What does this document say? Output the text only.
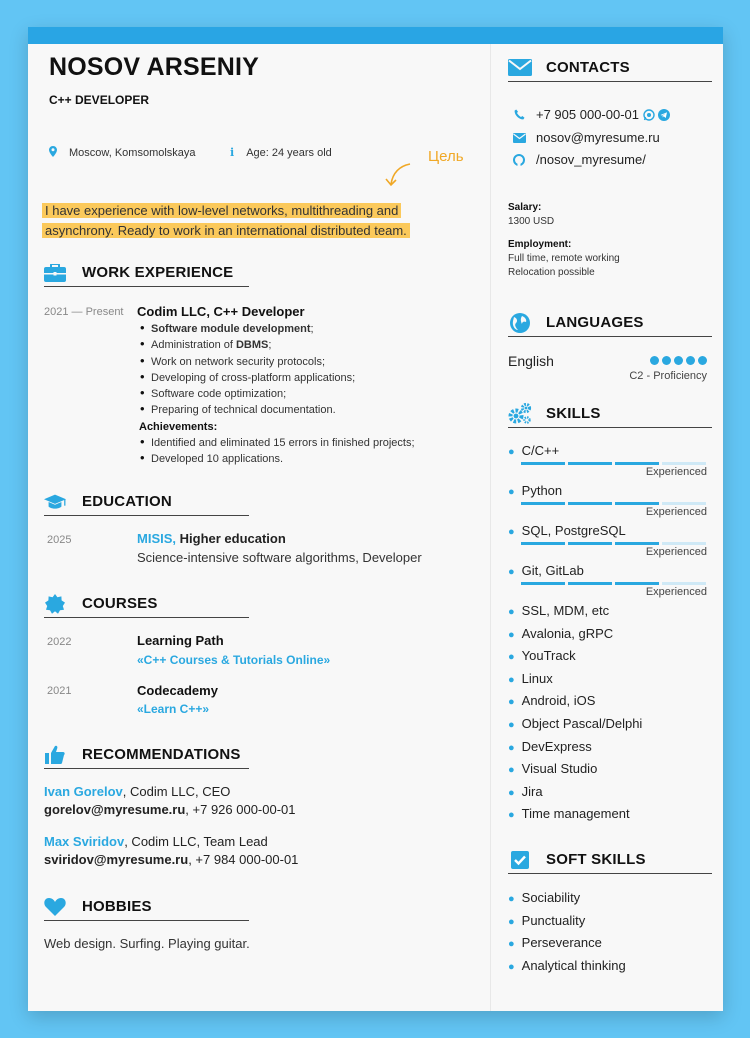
NOSOV ARSENIY
C++ DEVELOPER
Moscow, Komsomolskaya	i Age: 24 years old	Цель
I have experience with low-level networks, multithreading and asynchrony. Ready to work in an international distributed team.
WORK EXPERIENCE
2021 — Present Codim LLC, C++ Developer
• Software module development;
• Administration of DBMS;
• Work on network security protocols;
• Developing of cross-platform applications;
• Software code optimization;
• Preparing of technical documentation.
Achievements:
• Identified and eliminated 15 errors in finished projects;
• Developed 10 applications.
EDUCATION
2025	MISIS, Higher education
Science-intensive software algorithms, Developer
COURSES
2022	Learning Path
«C++ Courses & Tutorials Online»
2021	Codecademy
«Learn C++»
RECOMMENDATIONS
Ivan Gorelov, Codim LLC, CEO
gorelov@myresume.ru, +7 926 000-00-01
Max Sviridov, Codim LLC, Team Lead
sviridov@myresume.ru, +7 984 000-00-01
HOBBIES
Web design. Surfing. Playing guitar.
CONTACTS
+7 905 000-00-01
nosov@myresume.ru
/nosov_myresume/
Salary:
1300 USD
Employment:
Full time, remote working
Relocation possible
LANGUAGES
English
C2 - Proficiency
SKILLS
● C/C++
Experienced
● Python
Experienced
● SQL, PostgreSQL
Experienced
● Git, GitLab
Experienced
● SSL, MDM, etc
● Avalonia, gRPC
● YouTrack
● Linux
● Android, iOS
● Object Pascal/Delphi
● DevExpress
● Visual Studio
● Jira
● Time management
SOFT SKILLS
● Sociability
● Punctuality
● Perseverance
● Analytical thinking
